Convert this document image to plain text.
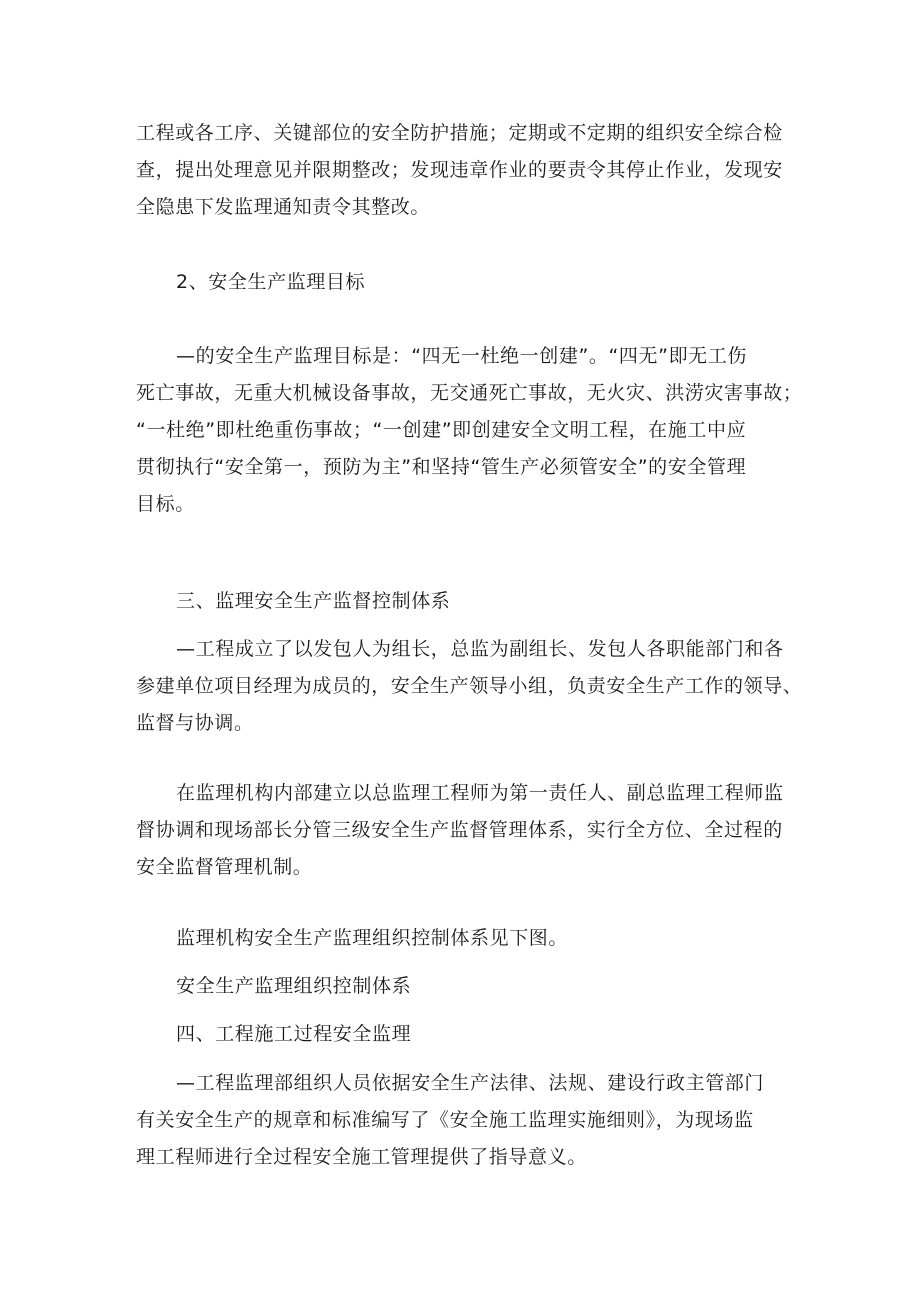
工程或各工序、关键部位的安全防护措施；定期或不定期的组织安全综合检
查，提出处理意见并限期整改；发现违章作业的要责令其停止作业，发现安
全隐患下发监理通知责令其整改。
2、安全生产监理目标
—的安全生产监理目标是：“四无一杜绝一创建”。“四无”即无工伤
死亡事故，无重大机械设备事故，无交通死亡事故，无火灾、洪涝灾害事故；
“一杜绝”即杜绝重伤事故；“一创建”即创建安全文明工程，在施工中应
贯彻执行“安全第一，预防为主”和坚持“管生产必须管安全”的安全管理
目标。
三、监理安全生产监督控制体系
—工程成立了以发包人为组长，总监为副组长、发包人各职能部门和各
参建单位项目经理为成员的，安全生产领导小组，负责安全生产工作的领导、
监督与协调。
在监理机构内部建立以总监理工程师为第一责任人、副总监理工程师监
督协调和现场部长分管三级安全生产监督管理体系，实行全方位、全过程的
安全监督管理机制。
监理机构安全生产监理组织控制体系见下图。
安全生产监理组织控制体系
四、工程施工过程安全监理
—工程监理部组织人员依据安全生产法律、法规、建设行政主管部门
有关安全生产的规章和标准编写了《安全施工监理实施细则》，为现场监
理工程师进行全过程安全施工管理提供了指导意义。
